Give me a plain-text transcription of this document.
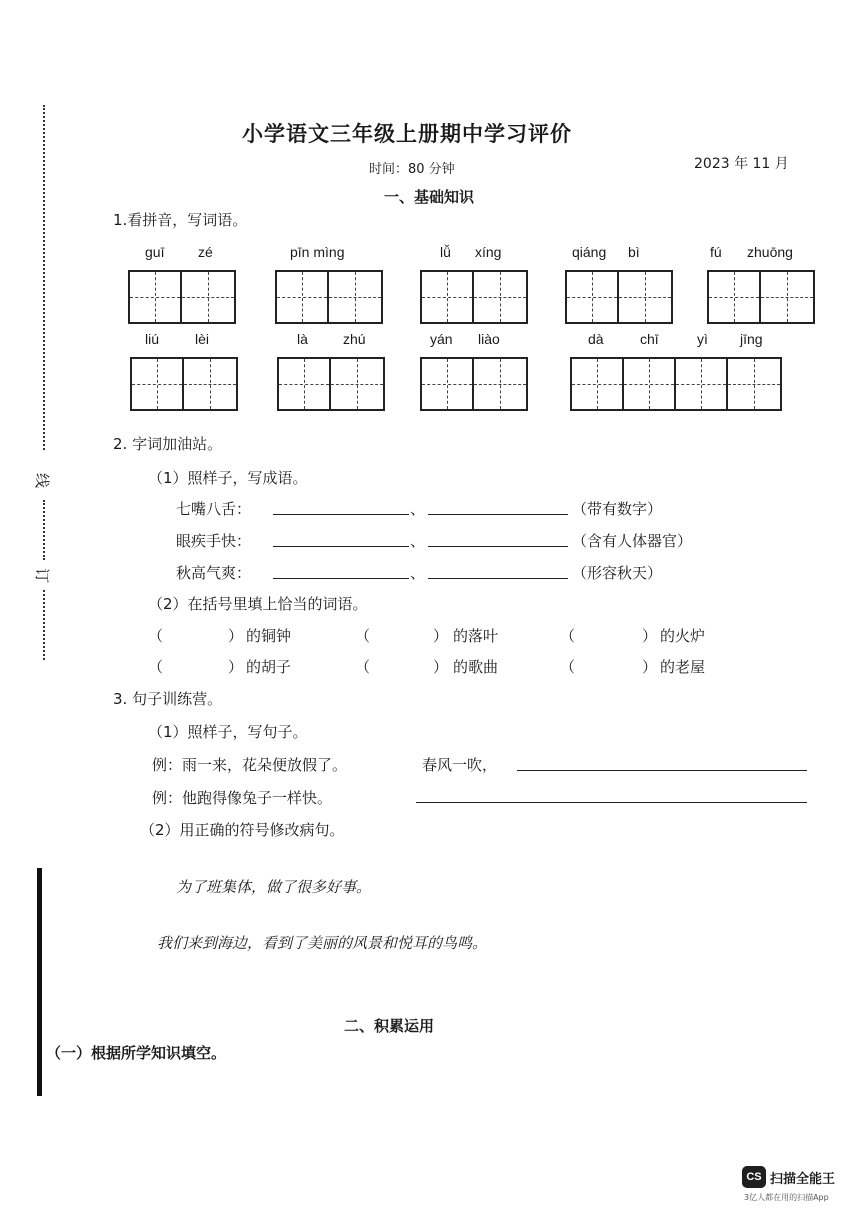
线
订
小学语文三年级上册期中学习评价
时间：80 分钟	2023 年 11 月
一、基础知识
1.看拼音，写词语。
guī zé	pīn mìng	lǚ xíng	qiáng bì	fú zhuōng
liú	lèi	là	zhú	yán liào	dà	chī	yì jīng
2. 字词加油站。
（1）照样子，写成语。
七嘴八舌：	、	（带有数字）
眼疾手快：	、	（含有人体器官）
秋高气爽：	、	（形容秋天）
（2）在括号里填上恰当的词语。
（	） 的铜钟	（	） 的落叶	（	） 的火炉
（	） 的胡子	（	） 的歌曲	（	） 的老屋
3. 句子训练营。
（1）照样子，写句子。
例：雨一来，花朵便放假了。	春风一吹，
例：他跑得像兔子一样快。
（2）用正确的符号修改病句。
为了班集体，做了很多好事。
我们来到海边，看到了美丽的风景和悦耳的鸟鸣。
二、积累运用
（一）根据所学知识填空。
CS 扫描全能王
3亿人都在用的扫描App
